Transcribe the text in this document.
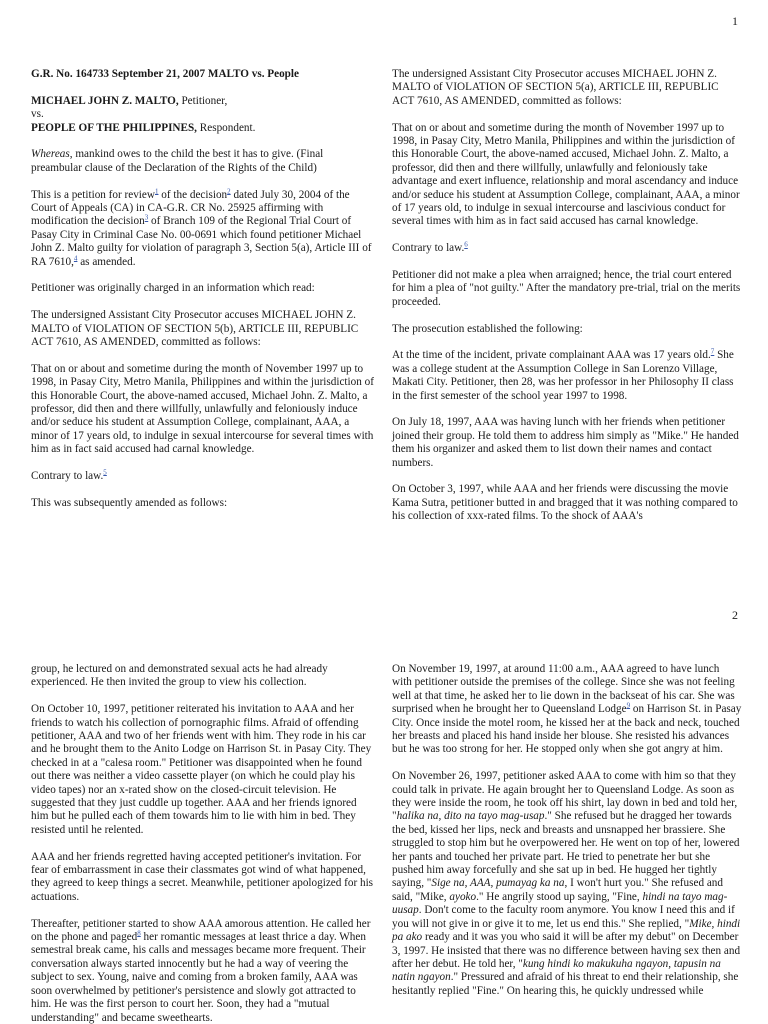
1

G.R. No. 164733 September 21, 2007 MALTO vs. People

MICHAEL JOHN Z. MALTO, Petitioner,

vs.

PEOPLE OF THE PHILIPPINES, Respondent.

Whereas, mankind owes to the child the best it has to give. (Final preambular clause of the Declaration of the Rights of the Child)

This is a petition for review$^1$ of the decision$^2$ dated July 30, 2004 of the Court of Appeals (CA) in CA-G.R. CR No. 25925 affirming with modification the decision$^3$ of Branch 109 of the Regional Trial Court of Pasay City in Criminal Case No. 00-0691 which found petitioner Michael John Z. Malto guilty for violation of paragraph 3, Section 5(a), Article III of RA 7610,$^4$ as amended.

Petitioner was originally charged in an information which read:

The undersigned Assistant City Prosecutor accuses MICHAEL JOHN Z. MALTO of VIOLATION OF SECTION 5(b), ARTICLE III, REPUBLIC ACT 7610, AS AMENDED, committed as follows:

That on or about and sometime during the month of November 1997 up to 1998, in Pasay City, Metro Manila, Philippines and within the jurisdiction of this Honorable Court, the above-named accused, Michael John. Z. Malto, a professor, did then and there willfully, unlawfully and feloniously induce and/or seduce his student at Assumption College, complainant, AAA, a minor of 17 years old, to indulge in sexual intercourse for several times with him as in fact said accused had carnal knowledge.

Contrary to law.$^5$

This was subsequently amended as follows:

The undersigned Assistant City Prosecutor accuses MICHAEL JOHN Z. MALTO of VIOLATION OF SECTION 5(a), ARTICLE III, REPUBLIC ACT 7610, AS AMENDED, committed as follows:

That on or about and sometime during the month of November 1997 up to 1998, in Pasay City, Metro Manila, Philippines and within the jurisdiction of this Honorable Court, the above-named accused, Michael John. Z. Malto, a professor, did then and there willfully, unlawfully and feloniously take advantage and exert influence, relationship and moral ascendancy and induce and/or seduce his student at Assumption College, complainant, AAA, a minor of 17 years old, to indulge in sexual intercourse and lascivious conduct for several times with him as in fact said accused has carnal knowledge.

Contrary to law.$^6$

Petitioner did not make a plea when arraigned; hence, the trial court entered for him a plea of "not guilty." After the mandatory pre-trial, trial on the merits proceeded.

The prosecution established the following:

At the time of the incident, private complainant AAA was 17 years old.$^7$ She was a college student at the Assumption College in San Lorenzo Village, Makati City. Petitioner, then 28, was her professor in her Philosophy II class in the first semester of the school year 1997 to 1998.

On July 18, 1997, AAA was having lunch with her friends when petitioner joined their group. He told them to address him simply as "Mike." He handed them his organizer and asked them to list down their names and contact numbers.

On October 3, 1997, while AAA and her friends were discussing the movie Kama Sutra, petitioner butted in and bragged that it was nothing compared to his collection of xxx-rated films. To the shock of AAA's

2

group, he lectured on and demonstrated sexual acts he had already experienced. He then invited the group to view his collection.

On October 10, 1997, petitioner reiterated his invitation to AAA and her friends to watch his collection of pornographic films. Afraid of offending petitioner, AAA and two of her friends went with him. They rode in his car and he brought them to the Anito Lodge on Harrison St. in Pasay City. They checked in at a "calesa room." Petitioner was disappointed when he found out there was neither a video cassette player (on which he could play his video tapes) nor an x-rated show on the closed-circuit television. He suggested that they just cuddle up together. AAA and her friends ignored him but he pulled each of them towards him to lie with him in bed. They resisted until he relented.

AAA and her friends regretted having accepted petitioner's invitation. For fear of embarrassment in case their classmates got wind of what happened, they agreed to keep things a secret. Meanwhile, petitioner apologized for his actuations.

Thereafter, petitioner started to show AAA amorous attention. He called her on the phone and paged$^8$ her romantic messages at least thrice a day. When semestral break came, his calls and messages became more frequent. Their conversation always started innocently but he had a way of veering the subject to sex. Young, naive and coming from a broken family, AAA was soon overwhelmed by petitioner's persistence and slowly got attracted to him. He was the first person to court her. Soon, they had a "mutual understanding" and became sweethearts.

On November 19, 1997, at around 11:00 a.m., AAA agreed to have lunch with petitioner outside the premises of the college. Since she was not feeling well at that time, he asked her to lie down in the backseat of his car. She was surprised when he brought her to Queensland Lodge$^9$ on Harrison St. in Pasay City. Once inside the motel room, he kissed her at the back and neck, touched her breasts and placed his hand inside her blouse. She resisted his advances but he was too strong for her. He stopped only when she got angry at him.

On November 26, 1997, petitioner asked AAA to come with him so that they could talk in private. He again brought her to Queensland Lodge. As soon as they were inside the room, he took off his shirt, lay down in bed and told her, "halika na, dito na tayo mag-usap." She refused but he dragged her towards the bed, kissed her lips, neck and breasts and unsnapped her brassiere. She struggled to stop him but he overpowered her. He went on top of her, lowered her pants and touched her private part. He tried to penetrate her but she pushed him away forcefully and she sat up in bed. He hugged her tightly saying, "Sige na, AAA, pumayag ka na, I won't hurt you." She refused and said, "Mike, ayoko." He angrily stood up saying, "Fine, hindi na tayo mag-uusap. Don't come to the faculty room anymore. You know I need this and if you will not give in or give it to me, let us end this." She replied, "Mike, hindi pa ako ready and it was you who said it will be after my debut" on December 3, 1997. He insisted that there was no difference between having sex then and after her debut. He told her, "kung hindi ko makukuha ngayon, tapusin na natin ngayon." Pressured and afraid of his threat to end their relationship, she hesitantly replied "Fine." On hearing this, he quickly undressed while
